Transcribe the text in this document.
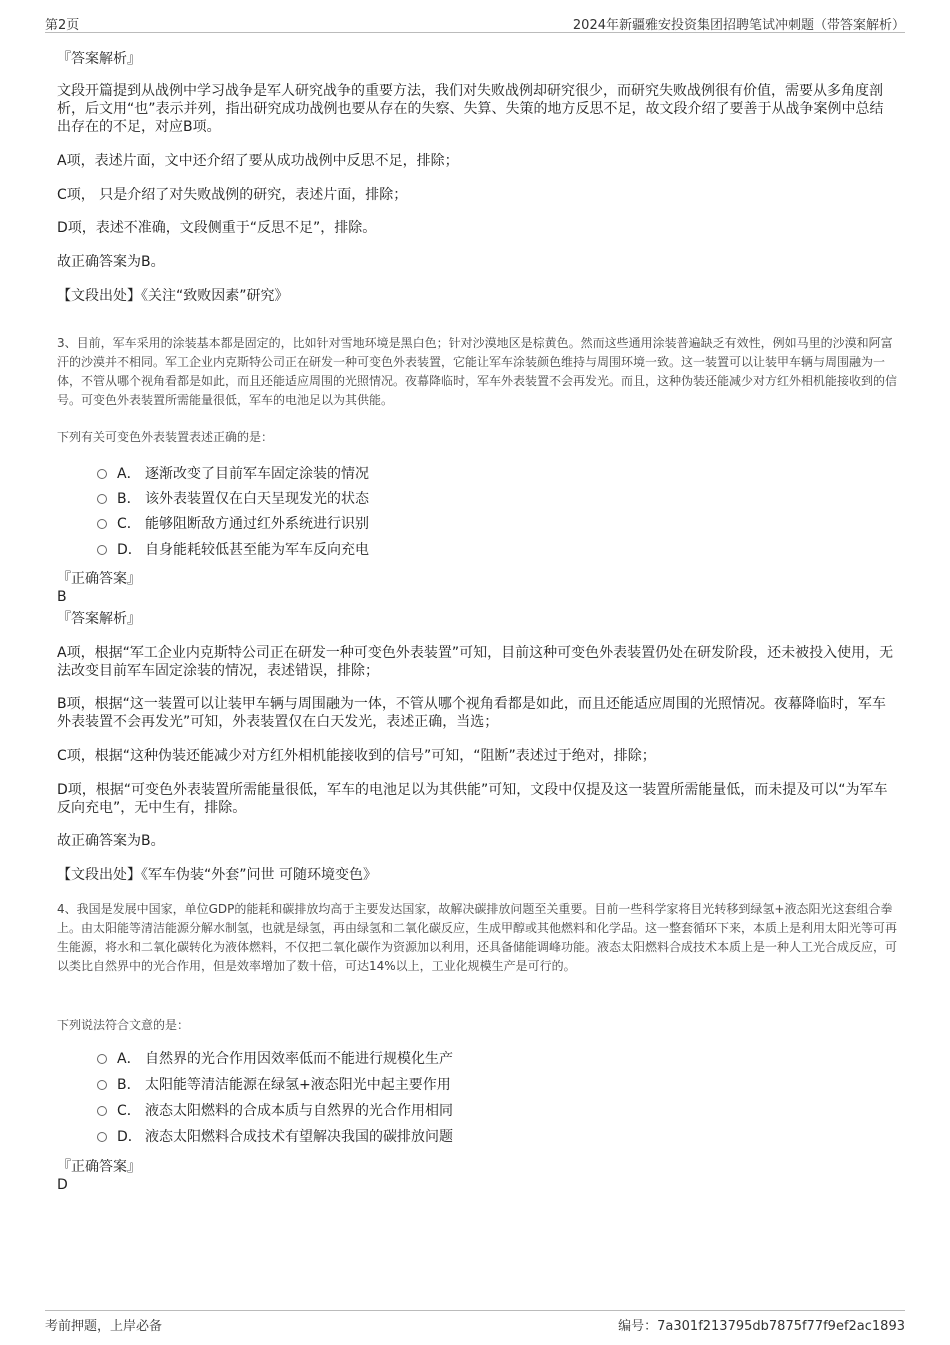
第2页	2024年新疆雅安投资集团招聘笔试冲刺题（带答案解析）

『答案解析』

文段开篇提到从战例中学习战争是军人研究战争的重要方法，我们对失败战例却研究很少，而研究失败战例很有价值，需要从多角度剖析，后文用“也”表示并列，指出研究成功战例也要从存在的失察、失算、失策的地方反思不足，故文段介绍了要善于从战争案例中总结出存在的不足，对应B项。

A项，表述片面，文中还介绍了要从成功战例中反思不足，排除；

C项， 只是介绍了对失败战例的研究，表述片面，排除；

D项，表述不准确，文段侧重于“反思不足”，排除。

故正确答案为B。

【文段出处】《关注“致败因素”研究》

3、目前，军车采用的涂装基本都是固定的，比如针对雪地环境是黑白色；针对沙漠地区是棕黄色。然而这些通用涂装普遍缺乏有效性，例如马里的沙漠和阿富汗的沙漠并不相同。军工企业内克斯特公司正在研发一种可变色外表装置，它能让军车涂装颜色维持与周围环境一致。这一装置可以让装甲车辆与周围融为一体，不管从哪个视角看都是如此，而且还能适应周围的光照情况。夜幕降临时，军车外表装置不会再发光。而且，这种伪装还能减少对方红外相机能接收到的信号。可变色外表装置所需能量很低，军车的电池足以为其供能。

下列有关可变色外表装置表述正确的是：

A． 逐渐改变了目前军车固定涂装的情况
B． 该外表装置仅在白天呈现发光的状态
C． 能够阻断敌方通过红外系统进行识别
D． 自身能耗较低甚至能为军车反向充电

『正确答案』

B

『答案解析』

A项，根据“军工企业内克斯特公司正在研发一种可变色外表装置”可知，目前这种可变色外表装置仍处在研发阶段，还未被投入使用，无法改变目前军车固定涂装的情况，表述错误，排除；

B项，根据“这一装置可以让装甲车辆与周围融为一体，不管从哪个视角看都是如此，而且还能适应周围的光照情况。夜幕降临时，军车外表装置不会再发光”可知，外表装置仅在白天发光，表述正确，当选；

C项，根据“这种伪装还能减少对方红外相机能接收到的信号”可知，“阻断”表述过于绝对，排除；

D项，根据“可变色外表装置所需能量很低，军车的电池足以为其供能”可知，文段中仅提及这一装置所需能量低，而未提及可以“为军车反向充电”，无中生有，排除。

故正确答案为B。

【文段出处】《军车伪装“外套”问世 可随环境变色》

4、我国是发展中国家，单位GDP的能耗和碳排放均高于主要发达国家，故解决碳排放问题至关重要。目前一些科学家将目光转移到绿氢+液态阳光这套组合拳上。由太阳能等清洁能源分解水制氢，也就是绿氢，再由绿氢和二氧化碳反应，生成甲醇或其他燃料和化学品。这一整套循环下来，本质上是利用太阳光等可再生能源，将水和二氧化碳转化为液体燃料，不仅把二氧化碳作为资源加以利用，还具备储能调峰功能。液态太阳燃料合成技术本质上是一种人工光合成反应，可以类比自然界中的光合作用，但是效率增加了数十倍，可达14%以上，工业化规模生产是可行的。

下列说法符合文意的是：

A． 自然界的光合作用因效率低而不能进行规模化生产
B． 太阳能等清洁能源在绿氢+液态阳光中起主要作用
C． 液态太阳燃料的合成本质与自然界的光合作用相同
D． 液态太阳燃料合成技术有望解决我国的碳排放问题

『正确答案』

D

考前押题，上岸必备	编号：7a301f213795db7875f77f9ef2ac1893
